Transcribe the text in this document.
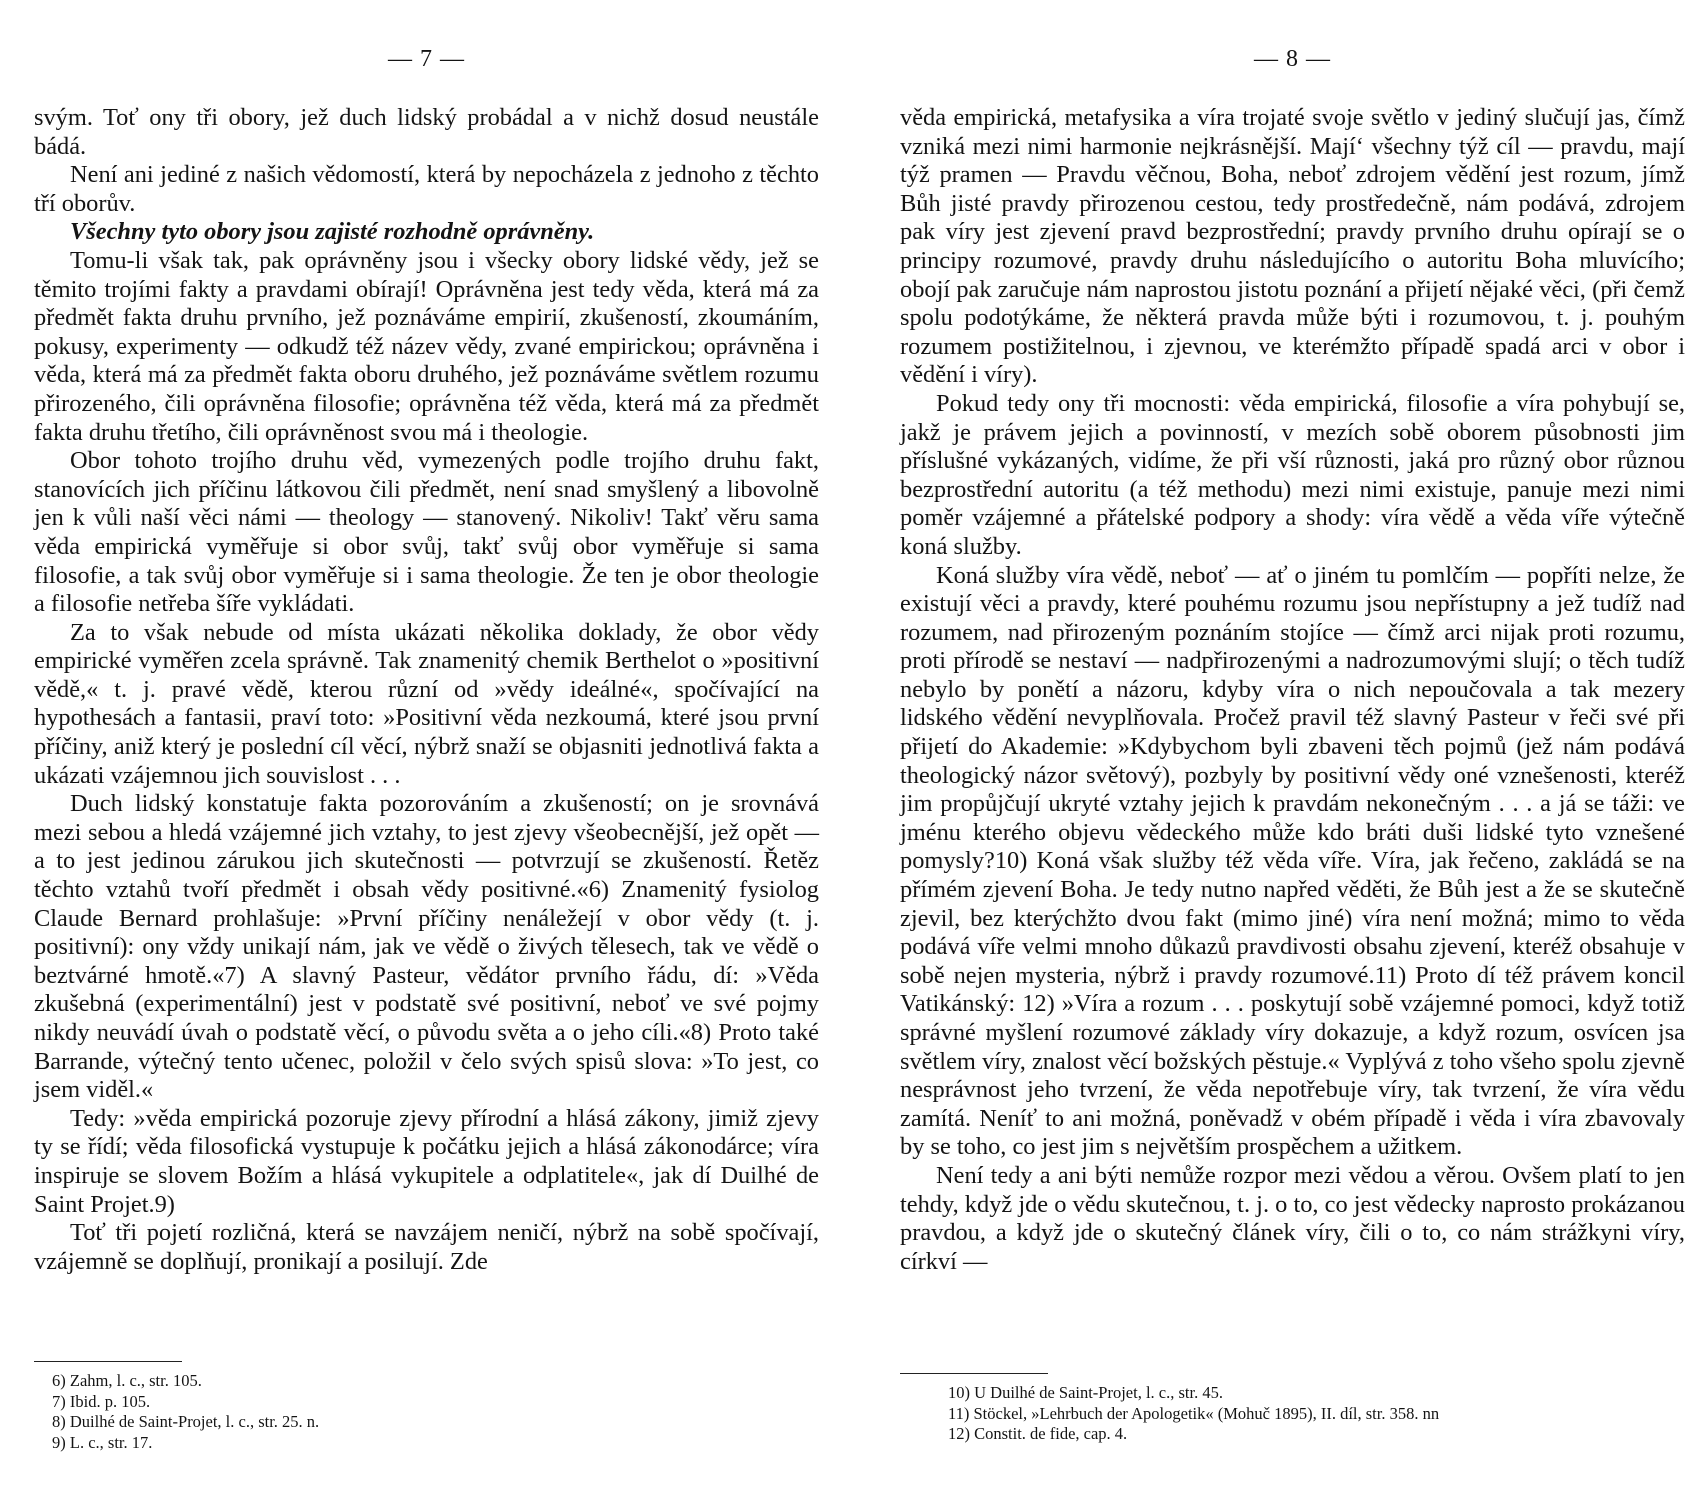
— 7 —

svým. Toť ony tři obory, jež duch lidský probádal a v nichž dosud neustále bádá.

Není ani jediné z našich vědomostí, která by nepocházela z jednoho z těchto tří oborův.

Všechny tyto obory jsou zajisté rozhodně oprávněny.

Tomu-li však tak, pak oprávněny jsou i všecky obory lidské vědy, jež se těmito trojími fakty a pravdami obírají! Oprávněna jest tedy věda, která má za předmět fakta druhu prvního, jež poznáváme empirií, zkušeností, zkoumáním, pokusy, experimenty — odkudž též název vědy, zvané empirickou; oprávněna i věda, která má za předmět fakta oboru druhého, jež poznáváme světlem rozumu přirozeného, čili oprávněna filosofie; oprávněna též věda, která má za předmět fakta druhu třetího, čili oprávněnost svou má i theologie.

Obor tohoto trojího druhu věd, vymezených podle trojího druhu fakt, stanovících jich příčinu látkovou čili předmět, není snad smyšlený a libovolně jen k vůli naší věci námi — theology — stanovený. Nikoliv! Takť věru sama věda empirická vyměřuje si obor svůj, takť svůj obor vyměřuje si sama filosofie, a tak svůj obor vyměřuje si i sama theologie. Že ten je obor theologie a filosofie netřeba šíře vykládati.

Za to však nebude od místa ukázati několika doklady, že obor vědy empirické vyměřen zcela správně. Tak znamenitý chemik Berthelot o »positivní vědě,« t. j. pravé vědě, kterou různí od »vědy ideálné«, spočívající na hypothesách a fantasii, praví toto: »Positivní věda nezkoumá, které jsou první příčiny, aniž který je poslední cíl věcí, nýbrž snaží se objasniti jednotlivá fakta a ukázati vzájemnou jich souvislost . . .

Duch lidský konstatuje fakta pozorováním a zkušeností; on je srovnává mezi sebou a hledá vzájemné jich vztahy, to jest zjevy všeobecnější, jež opět — a to jest jedinou zárukou jich skutečnosti — potvrzují se zkušeností. Řetěz těchto vztahů tvoří předmět i obsah vědy positivné.«6) Znamenitý fysiolog Claude Bernard prohlašuje: »První příčiny nenáležejí v obor vědy (t. j. positivní): ony vždy unikají nám, jak ve vědě o živých tělesech, tak ve vědě o beztvárné hmotě.«7) A slavný Pasteur, vědátor prvního řádu, dí: »Věda zkušebná (experimentální) jest v podstatě své positivní, neboť ve své pojmy nikdy neuvádí úvah o podstatě věcí, o původu světa a o jeho cíli.«8) Proto také Barrande, výtečný tento učenec, položil v čelo svých spisů slova: »To jest, co jsem viděl.«

Tedy: »věda empirická pozoruje zjevy přírodní a hlásá zákony, jimiž zjevy ty se řídí; věda filosofická vystupuje k počátku jejich a hlásá zákonodárce; víra inspiruje se slovem Božím a hlásá vykupitele a odplatitele«, jak dí Duilhé de Saint Projet.9)

Toť tři pojetí rozličná, která se navzájem neničí, nýbrž na sobě spočívají, vzájemně se doplňují, pronikají a posilují. Zde

6) Zahm, l. c., str. 105.
7) Ibid. p. 105.
8) Duilhé de Saint-Projet, l. c., str. 25. n.
9) L. c., str. 17.
— 8 —

věda empirická, metafysika a víra trojaté svoje světlo v jediný slučují jas, čímž vzniká mezi nimi harmonie nejkrásnější. Mají‘ všechny týž cíl — pravdu, mají týž pramen — Pravdu věčnou, Boha, neboť zdrojem vědění jest rozum, jímž Bůh jisté pravdy přirozenou cestou, tedy prostředečně, nám podává, zdrojem pak víry jest zjevení pravd bezprostřední; pravdy prvního druhu opírají se o principy rozumové, pravdy druhu následujícího o autoritu Boha mluvícího; obojí pak zaručuje nám naprostou jistotu poznání a přijetí nějaké věci, (při čemž spolu podotýkáme, že některá pravda může býti i rozumovou, t. j. pouhým rozumem postižitelnou, i zjevnou, ve kterémžto případě spadá arci v obor i vědění i víry).

Pokud tedy ony tři mocnosti: věda empirická, filosofie a víra pohybují se, jakž je právem jejich a povinností, v mezích sobě oborem působnosti jim příslušné vykázaných, vidíme, že při vší různosti, jaká pro různý obor různou bezprostřední autoritu (a též methodu) mezi nimi existuje, panuje mezi nimi poměr vzájemné a přátelské podpory a shody: víra vědě a věda víře výtečně koná služby.

Koná služby víra vědě, neboť — ať o jiném tu pomlčím — popříti nelze, že existují věci a pravdy, které pouhému rozumu jsou nepřístupny a jež tudíž nad rozumem, nad přirozeným poznáním stojíce — čímž arci nijak proti rozumu, proti přírodě se nestaví — nadpřirozenými a nadrozumovými slují; o těch tudíž nebylo by ponětí a názoru, kdyby víra o nich nepoučovala a tak mezery lidského vědění nevyplňovala. Pročež pravil též slavný Pasteur v řeči své při přijetí do Akademie: »Kdybychom byli zbaveni těch pojmů (jež nám podává theologický názor světový), pozbyly by positivní vědy oné vznešenosti, kteréž jim propůjčují ukryté vztahy jejich k pravdám nekonečným . . . a já se táži: ve jménu kterého objevu vědeckého může kdo bráti duši lidské tyto vznešené pomysly?10) Koná však služby též věda víře. Víra, jak řečeno, zakládá se na přímém zjevení Boha. Je tedy nutno napřed věděti, že Bůh jest a že se skutečně zjevil, bez kterýchžto dvou fakt (mimo jiné) víra není možná; mimo to věda podává víře velmi mnoho důkazů pravdivosti obsahu zjevení, kteréž obsahuje v sobě nejen mysteria, nýbrž i pravdy rozumové.11) Proto dí též právem koncil Vatikánský: 12) »Víra a rozum . . . poskytují sobě vzájemné pomoci, když totiž správné myšlení rozumové základy víry dokazuje, a když rozum, osvícen jsa světlem víry, znalost věcí božských pěstuje.« Vyplývá z toho všeho spolu zjevně nesprávnost jeho tvrzení, že věda nepotřebuje víry, tak tvrzení, že víra vědu zamítá. Neníť to ani možná, poněvadž v obém případě i věda i víra zbavovaly by se toho, co jest jim s největším prospěchem a užitkem.

Není tedy a ani býti nemůže rozpor mezi vědou a věrou. Ovšem platí to jen tehdy, když jde o vědu skutečnou, t. j. o to, co jest vědecky naprosto prokázanou pravdou, a když jde o skutečný článek víry, čili o to, co nám strážkyni víry, církví —

10) U Duilhé de Saint-Projet, l. c., str. 45.
11) Stöckel, »Lehrbuch der Apologetik« (Mohuč 1895), II. díl, str. 358. nn
12) Constit. de fide, cap. 4.
